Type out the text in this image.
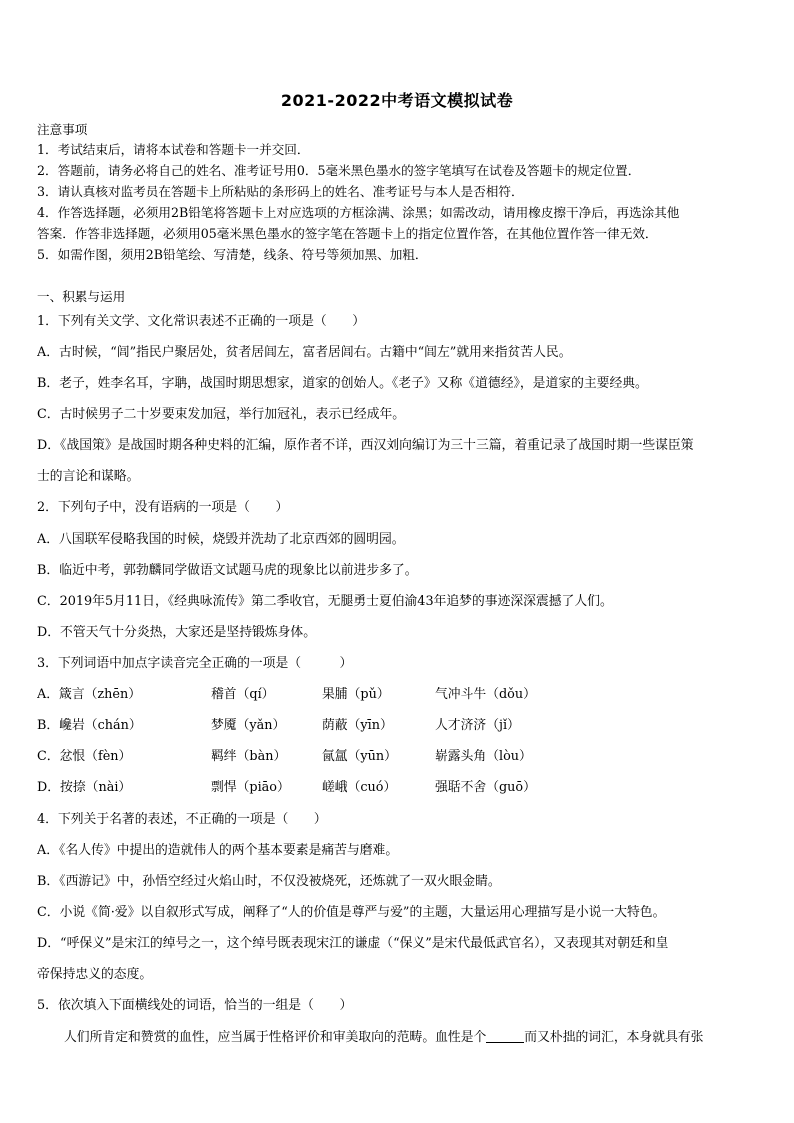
2021-2022中考语文模拟试卷
注意事项
1．考试结束后，请将本试卷和答题卡一并交回．
2．答题前，请务必将自己的姓名、准考证号用0．5毫米黑色墨水的签字笔填写在试卷及答题卡的规定位置．
3．请认真核对监考员在答题卡上所粘贴的条形码上的姓名、准考证号与本人是否相符．
4．作答选择题，必须用2B铅笔将答题卡上对应选项的方框涂满、涂黑；如需改动，请用橡皮擦干净后，再选涂其他
答案．作答非选择题，必须用05毫米黑色墨水的签字笔在答题卡上的指定位置作答，在其他位置作答一律无效．
5．如需作图，须用2B铅笔绘、写清楚，线条、符号等须加黑、加粗．
一、积累与运用
1．下列有关文学、文化常识表述不正确的一项是（　　）
A．古时候，“闾”指民户聚居处，贫者居闾左，富者居闾右。古籍中“闾左”就用来指贫苦人民。
B．老子，姓李名耳，字聃，战国时期思想家，道家的创始人。《老子》又称《道德经》，是道家的主要经典。
C．古时候男子二十岁要束发加冠，举行加冠礼，表示已经成年。
D．《战国策》是战国时期各种史料的汇编，原作者不详，西汉刘向编订为三十三篇，着重记录了战国时期一些谋臣策
士的言论和谋略。
2．下列句子中，没有语病的一项是（　　）
A．八国联军侵略我国的时候，烧毁并洗劫了北京西郊的圆明园。
B．临近中考，郭勃麟同学做语文试题马虎的现象比以前进步多了。
C．2019年5月11日，《经典咏流传》第二季收官，无腿勇士夏伯渝43年追梦的事迹深深震撼了人们。
D．不管天气十分炎热，大家还是坚持锻炼身体。
3．下列词语中加点字读音完全正确的一项是（　　　）
A．箴言（zhēn）	稽首（qí）	果脯（pǔ）	气冲斗牛（dǒu）
B．巉岩（chán）	梦魇（yǎn）	荫蔽（yīn）	人才济济（jǐ）
C．忿恨（fèn）	羁绊（bàn）	氤氲（yūn）	崭露头角（lòu）
D．按捺（nài）	剽悍（piāo）	嵯峨（cuó）	强聒不舍（guō）
4．下列关于名著的表述，不正确的一项是（　　）
A．《名人传》中提出的造就伟人的两个基本要素是痛苦与磨难。
B．《西游记》中，孙悟空经过火焰山时，不仅没被烧死，还炼就了一双火眼金睛。
C．小说《简·爱》以自叙形式写成，阐释了“人的价值是尊严与爱”的主题，大量运用心理描写是小说一大特色。
D．“呼保义”是宋江的绰号之一，这个绰号既表现宋江的谦虚（“保义”是宋代最低武官名），又表现其对朝廷和皇
帝保持忠义的态度。
5．依次填入下面横线处的词语，恰当的一组是（　　）
人们所肯定和赞赏的血性，应当属于性格评价和审美取向的范畴。血性是个	而又朴拙的词汇，本身就具有张
